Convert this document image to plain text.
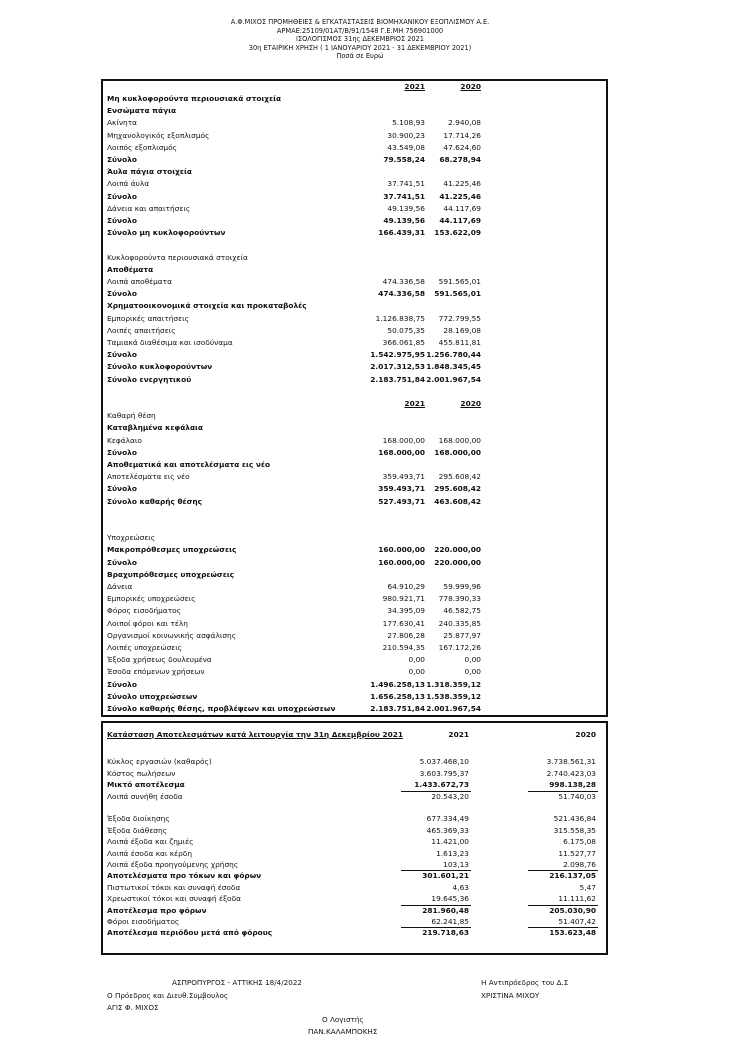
Α.Φ.ΜΙΧΟΣ ΠΡΟΜΗΘΕΙΕΣ & ΕΓΚΑΤΑΣΤΑΣΕΙΣ ΒΙΟΜΗΧΑΝΙΚΟΥ ΕΞΟΠΛΙΣΜΟΥ Α.Ε.
ΑΡΜΑΕ:25109/01ΑΤ/Β/91/1548 Γ.Ε.ΜΗ 756901000
ΙΣΟΛΟΓΙΣΜΟΣ 31ης ΔΕΚΕΜΒΡΙΟΣ 2021
30η ΕΤΑΙΡΙΚΗ ΧΡΗΣΗ ( 1 ΙΑΝΟΥΑΡΙΟΥ 2021 - 31 ΔΕΚΕΜΒΡΙΟΥ 2021)
Ποσά σε Ευρώ
2021	2020
Μη κυκλοφορούντα περιουσιακά στοιχεία
Ενσώματα πάγια
Ακίνητα	5.108,93	2.940,08
Μηχανολογικός εξοπλισμός	30.900,23 17.714,26
Λοιπός εξοπλισμός	43.549,08 47.624,60
Σύνολο	79.558,24 68.278,94
Άυλα πάγια στοιχεία
Λοιπά άυλα	37.741,51 41.225,46
Σύνολο	37.741,51 41.225,46
Δάνεια και απαιτήσεις	49.139,56 44.117,69
Σύνολο	49.139,56 44.117,69
Σύνολο μη κυκλοφορούντων	166.439,31 153.622,09
Κυκλοφορούντα περιουσιακά στοιχεία
Αποθέματα
Λοιπά αποθέματα	474.336,58 591.565,01
Σύνολο	474.336,58 591.565,01
Χρηματοοικονομικά στοιχεία και προκαταβολές
Εμπορικές απαιτήσεις	1.126.838,75 772.799,55
Λοιπές απαιτήσεις	50.075,35 28.169,08
Ταμιακά διαθέσιμα και ισοδύναμα	366.061,85 455.811,81
Σύνολο	1.542.975,95 1.256.780,44
Σύνολο κυκλοφορούντων	2.017.312,53 1.848.345,45
Σύνολο ενεργητικού	2.183.751,84 2.001.967,54
2021	2020
Καθαρή θέση
Καταβλημένα κεφάλαια
Κεφάλαιο	168.000,00 168.000,00
Σύνολο	168.000,00 168.000,00
Αποθεματικά και αποτελέσματα εις νέο
Αποτελέσματα εις νέο	359.493,71 295.608,42
Σύνολο	359.493,71 295.608,42
Σύνολο καθαρής θέσης	527.493,71 463.608,42
Υποχρεώσεις
Μακροπρόθεσμες υποχρεώσεις	160.000,00 220.000,00
Σύνολο	160.000,00 220.000,00
Βραχυπρόθεσμες υποχρεώσεις
Δάνεια	64.910,29 59.999,96
Εμπορικές υποχρεώσεις	980.921,71 778.390,33
Φόρος εισοδήματος	34.395,09 46.582,75
Λοιποί φόροι και τέλη	177.630,41 240.335,85
Οργανισμοί κοινωνικής ασφάλισης	27.806,28 25.877,97
Λοιπές υποχρεώσεις	210.594,35 167.172,26
Έξοδα χρήσεως δουλευμένα	0,00	0,00
Έσοδα επόμενων χρήσεων	0,00	0,00
Σύνολο	1.496.258,13 1.318.359,12
Σύνολο υποχρεώσεων	1.656.258,13 1.538.359,12
Σύνολο καθαρής θέσης, προβλέψεων και υποχρεώσεων	2.183.751,84 2.001.967,54
Κατάσταση Αποτελεσμάτων κατά λειτουργία την 31η Δεκεμβρίου 2021	2021	2020
Κύκλος εργασιών (καθαρός)	5.037.468,10	3.738.561,31
Κόστος πωλήσεων	3.603.795,37	2.740.423,03
Μικτό αποτέλεσμα	1.433.672,73	998.138,28
Λοιπά συνήθη έσοδα	20.543,20	51.740,03
Έξοδα διοίκησης	677.334,49	521.436,84
Έξοδα διάθεσης	465.369,33	315.558,35
Λοιπά έξοδα και ζημιές	11.421,00	6.175,08
Λοιπά έσοδα και κέρδη	1.613,23	11.527,77
Λοιπά έξοδα προηγούμενης χρήσης	103,13	2.098,76
Αποτελέσματα προ τόκων και φόρων	301.601,21	216.137,05
Πιστωτικοί τόκοι και συναφή έσοδα	4,63	5,47
Χρεωστικοί τόκοι και συναφή έξοδα	19.645,36	11.111,62
Αποτέλεσμα προ φόρων	281.960,48	205.030,90
Φόροι εισοδήματος	62.241,85	51.407,42
Αποτέλεσμα περιόδου μετά από φόρους	219.718,63	153.623,48
ΑΣΠΡΟΠΥΡΓΟΣ - ΑΤΤΙΚΗΣ 18/4/2022
Ο Πρόεδρος και Διευθ.Συμβουλος
ΑΓΙΣ Φ. ΜΙΧΟΣ
Η Αντιπρόεδρος του Δ.Σ
ΧΡΙΣΤΙΝΑ ΜΙΧΟΥ
Ο Λογιστής
ΠΑΝ.ΚΑΛΑΜΠΟΚΗΣ
